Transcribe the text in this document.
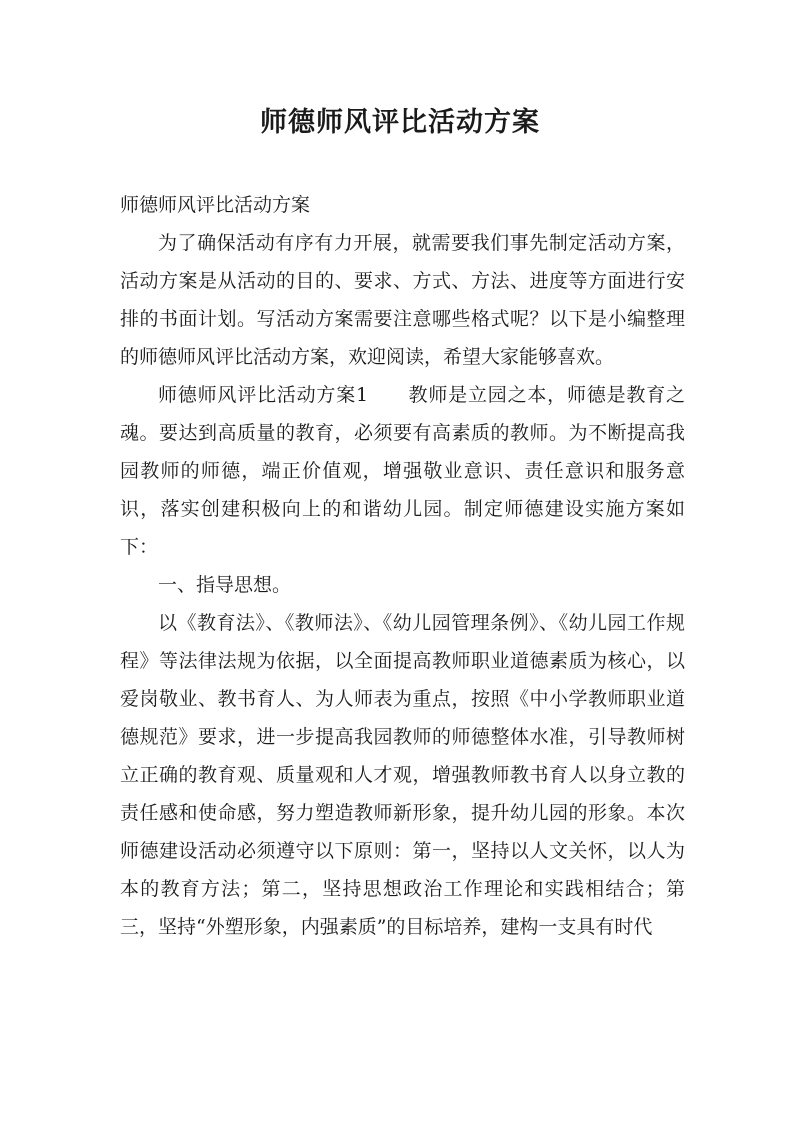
师德师风评比活动方案

师德师风评比活动方案

为了确保活动有序有力开展，就需要我们事先制定活动方案，活动方案是从活动的目的、要求、方式、方法、进度等方面进行安排的书面计划。写活动方案需要注意哪些格式呢？以下是小编整理的师德师风评比活动方案，欢迎阅读，希望大家能够喜欢。

师德师风评比活动方案1　　教师是立园之本，师德是教育之魂。要达到高质量的教育，必须要有高素质的教师。为不断提高我园教师的师德，端正价值观，增强敬业意识、责任意识和服务意识，落实创建积极向上的和谐幼儿园。制定师德建设实施方案如下：

一、指导思想。

以《教育法》、《教师法》、《幼儿园管理条例》、《幼儿园工作规程》等法律法规为依据，以全面提高教师职业道德素质为核心，以爱岗敬业、教书育人、为人师表为重点，按照《中小学教师职业道德规范》要求，进一步提高我园教师的师德整体水准，引导教师树立正确的教育观、质量观和人才观，增强教师教书育人以身立教的责任感和使命感，努力塑造教师新形象，提升幼儿园的形象。本次师德建设活动必须遵守以下原则：第一，坚持以人文关怀，以人为本的教育方法；第二，坚持思想政治工作理论和实践相结合；第三，坚持“外塑形象，内强素质”的目标培养，建构一支具有时代
